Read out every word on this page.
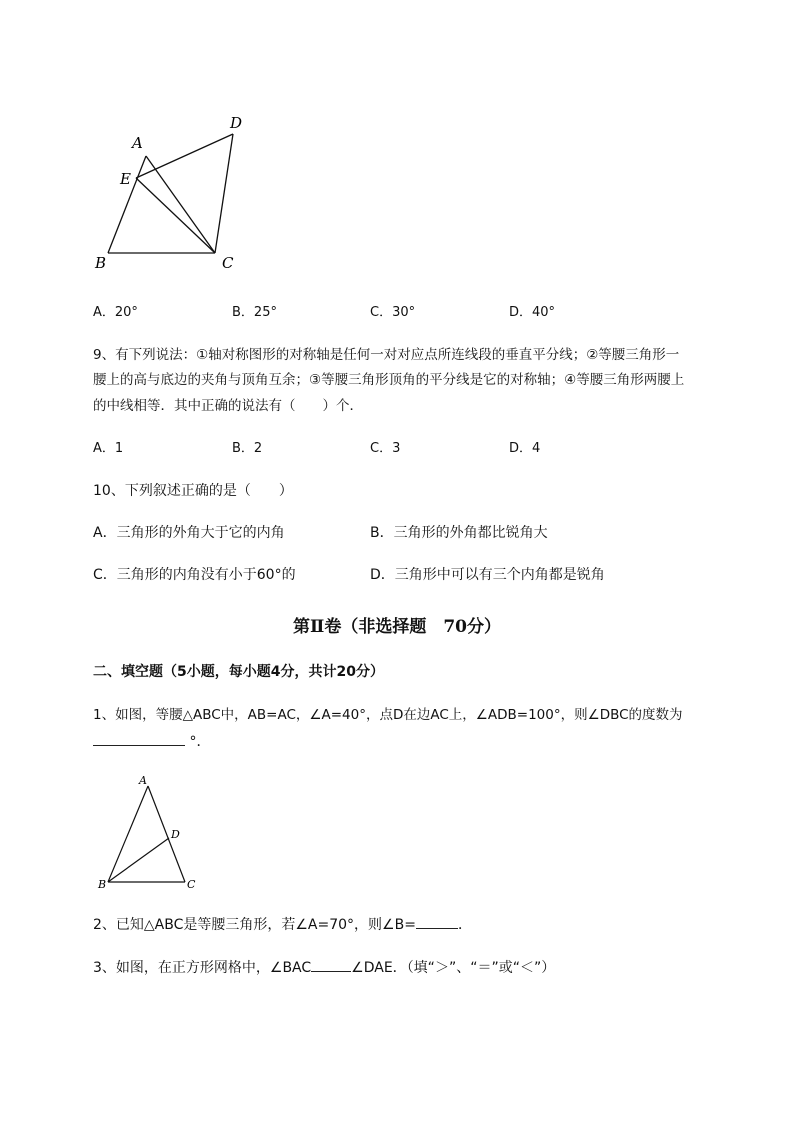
A
D
E
B	C
A．20°	B．25°	C．30°	D．40°
9、有下列说法：①轴对称图形的对称轴是任何一对对应点所连线段的垂直平分线；②等腰三角形一
腰上的高与底边的夹角与顶角互余；③等腰三角形顶角的平分线是它的对称轴；④等腰三角形两腰上
的中线相等．其中正确的说法有（　　）个．
A．1	B．2	C．3	D．4
10、下列叙述正确的是（　　）
A．三角形的外角大于它的内角	B．三角形的外角都比锐角大
C．三角形的内角没有小于60°的	D．三角形中可以有三个内角都是锐角
第Ⅱ卷（非选择题　70分）
二、填空题（5小题，每小题4分，共计20分）
1、如图，等腰△ABC中，AB=AC，∠A=40°，点D在边AC上，∠ADB=100°，则∠DBC的度数为
°．
A
D
B	C
2、已知△ABC是等腰三角形，若∠A=70°，则∠B=	．
3、如图，在正方形网格中，∠BAC	∠DAE．（填“＞”、“＝”或“＜”）
